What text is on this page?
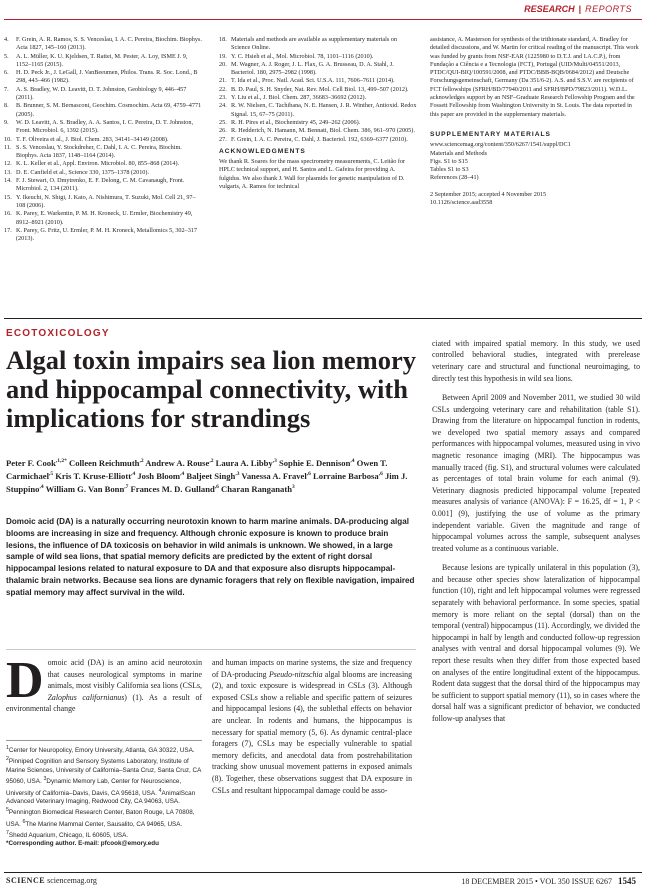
RESEARCH | REPORTS
4.	F. Grein, A. R. Ramos, S. S. Venceslau, I. A. C. Pereira, Biochim. Biophys. Acta 1827, 145–160 (2013).
5.	A. L. Müller, K. U. Kjeldsen, T. Rattei, M. Pester, A. Loy, ISME J. 9, 1152–1165 (2015).
6.	H. D. Peck Jr., J. LeGall, J. VanBeeumen, Philos. Trans. R. Soc. Lond., B 298, 443–466 (1982).
7.	A. S. Bradley, W. D. Leavitt, D. T. Johnston, Geobiology 9, 446–457 (2011).
8.	B. Brunner, S. M. Bernasconi, Geochim. Cosmochim. Acta 69, 4759–4771 (2005).
9.	W. D. Leavitt, A. S. Bradley, A. A. Santos, I. C. Pereira, D. T. Johnston, Front. Microbiol. 6, 1392 (2015).
10. T. F. Oliveira et al., J. Biol. Chem. 283, 34141–34149 (2008).
11. S. S. Venceslau, Y. Stockdreher, C. Dahl, I. A. C. Pereira, Biochim. Biophys. Acta 1837, 1148–1164 (2014).
12. K. L. Keller et al., Appl. Environ. Microbiol. 80, 855–868 (2014).
13. D. E. Canfield et al., Science 330, 1375–1378 (2010).
14. F. J. Stewart, O. Dmytrenko, E. F. Delong, C. M. Cavanaugh, Front. Microbiol. 2, 134 (2011).
15. Y. Ikeuchi, N. Shigi, J. Kato, A. Nishimura, T. Suzuki, Mol. Cell 21, 97–108 (2006).
16. K. Parey, E. Warkentin, P. M. H. Kroneck, U. Ermler, Biochemistry 49, 8912–8921 (2010).
17. K. Parey, G. Fritz, U. Ermler, P. M. H. Kroneck, Metallomics 5, 302–317 (2013).
18. Materials and methods are available as supplementary materials on Science Online.
19. Y. C. Hsieh et al., Mol. Microbiol. 78, 1101–1116 (2010).
20. M. Wagner, A. J. Roger, J. L. Flax, G. A. Brusseau, D. A. Stahl, J. Bacteriol. 180, 2975–2982 (1998).
21. T. Ida et al., Proc. Natl. Acad. Sci. U.S.A. 111, 7606–7611 (2014).
22. B. D. Paul, S. H. Snyder, Nat. Rev. Mol. Cell Biol. 13, 499–507 (2012).
23. Y. Liu et al., J. Biol. Chem. 287, 36683–36692 (2012).
24. R. W. Nielsen, C. Tachibana, N. E. Hansen, J. R. Winther, Antioxid. Redox Signal. 15, 67–75 (2011).
25. R. H. Pires et al., Biochemistry 45, 249–262 (2006).
26. R. Hedderich, N. Hamann, M. Bennati, Biol. Chem. 386, 961–970 (2005).
27. F. Grein, I. A. C. Pereira, C. Dahl, J. Bacteriol. 192, 6369–6377 (2010).
ACKNOWLEDGMENTS

We thank R. Soares for the mass spectrometry measurements, C. Leitão for HPLC technical support, and H. Santos and L. Gafeira for providing A. fulgidus. We also thank J. Wall for plasmids for genetic manipulation of D. vulgaris, A. Ramos for technical

assistance, A. Masterson for synthesis of the trithionate standard, A. Bradley for detailed discussions, and W. Martin for critical reading of the manuscript. This work was funded by grants from NSF-EAR (1225980 to D.T.J. and I.A.C.P.), from Fundação a Ciência e a Tecnologia (FCT), Portugal (UID/Multi/04551/2013, PTDC/QUI-BIQ/100591/2008, and PTDC/BBB-BQB/0684/2012) and Deutsche Forschungsgemeinschaft, Germany (Da 351/6-2). A.S. and S.S.V. are recipients of FCT fellowships (SFRH/BD/77940/2011 and SFRH/BPD/79823/2011). W.D.L. acknowledges support by an NSF–Graduate Research Fellowship Program and the Fossett Fellowship from Washington University in St. Louis. The data reported in this paper are provided in the supplementary materials.

SUPPLEMENTARY MATERIALS
www.sciencemag.org/content/350/6267/1541/suppl/DC1
Materials and Methods
Figs. S1 to S15
Tables S1 to S3
References (28–41)
2 September 2015; accepted 4 November 2015
10.1126/science.aad3558
ECOTOXICOLOGY
Algal toxin impairs sea lion memory and hippocampal connectivity, with implications for strandings
Peter F. Cook$^{,1,2*}$ Colleen Reichmuth$^{,2}$ Andrew A. Rouse$^{,2}$ Laura A. Libby$^{,3}$ Sophie E. Dennison$^{,4}$ Owen T. Carmichael$^{,5}$ Kris T. Kruse-Elliott$^{,4}$ Josh Bloom$^{,4}$ Baljeet Singh$^{,3}$ Vanessa A. Fravel$^{,6}$ Lorraine Barbosa$^{,6}$ Jim J. Stuppino$^{,4}$ William G. Van Bonn$^{,7}$ Frances M. D. Gulland$^{,6}$ Charan Ranganath$^3$

Domoic acid (DA) is a naturally occurring neurotoxin known to harm marine animals. DA-producing algal blooms are increasing in size and frequency. Although chronic exposure is known to produce brain lesions, the influence of DA toxicosis on behavior in wild animals is unknown. We showed, in a large sample of wild sea lions, that spatial memory deficits are predicted by the extent of right dorsal hippocampal lesions related to natural exposure to DA and that exposure also disrupts hippocampal-thalamic brain networks. Because sea lions are dynamic foragers that rely on flexible navigation, impaired spatial memory may affect survival in the wild.

Domoic acid (DA) is an amino acid neurotoxin that causes neurological symptoms in marine animals, most visibly California sea lions (CSLs, Zalophus californianus) (1). As a result of environmental change

$^1$Center for Neuropolicy, Emory University, Atlanta, GA 30322, USA. $^2$Pinniped Cognition and Sensory Systems Laboratory, Institute of Marine Sciences, University of California–Santa Cruz, Santa Cruz, CA 95060, USA. $^3$Dynamic Memory Lab, Center for Neuroscience, University of California–Davis, Davis, CA 95618, USA. $^4$AnimalScan Advanced Veterinary Imaging, Redwood City, CA 94063, USA. $^5$Pennington Biomedical Research Center, Baton Rouge, LA 70808, USA. $^6$The Marine Mammal Center, Sausalito, CA 94965, USA. $^7$Shedd Aquarium, Chicago, IL 60605, USA.
*Corresponding author. E-mail: pfcook@emory.edu

and human impacts on marine systems, the size and frequency of DA-producing Pseudo-nitzschia algal blooms are increasing (2), and toxic exposure is widespread in CSLs (3). Although exposed CSLs show a reliable and specific pattern of seizures and hippocampal lesions (4), the sublethal effects on behavior are unclear. In rodents and humans, the hippocampus is necessary for spatial memory (5, 6). As dynamic central-place foragers (7), CSLs may be especially vulnerable to spatial memory deficits, and anecdotal data from postrehabilitation tracking show unusual movement patterns in exposed animals (8). Together, these observations suggest that DA exposure in CSLs and resultant hippocampal damage could be asso-

ciated with impaired spatial memory. In this study, we used controlled behavioral studies, integrated with prerelease veterinary care and structural and functional neuroimaging, to directly test this hypothesis in wild sea lions.

Between April 2009 and November 2011, we studied 30 wild CSLs undergoing veterinary care and rehabilitation (table S1). Drawing from the literature on hippocampal function in rodents, we developed two spatial memory assays and compared performances with hippocampal volumes, measured using in vivo magnetic resonance imaging (MRI). The hippocampus was manually traced (fig. S1), and structural volumes were calculated as percentages of total brain volume for each animal (9). Veterinary diagnosis predicted hippocampal volume [repeated measures analysis of variance (ANOVA): F = 16.25, df = 1, P < 0.001] (9), justifying the use of volume as the primary independent variable. Given the magnitude and range of hippocampal volumes across the sample, subsequent analyses treated volume as a continuous variable.

Because lesions are typically unilateral in this population (3), and because other species show lateralization of hippocampal function (10), right and left hippocampal volumes were regressed separately with behavioral performance. In some species, spatial memory is more reliant on the septal (dorsal) than on the temporal (ventral) hippocampus (11). Accordingly, we divided the hippocampi in half by length and conducted follow-up regression analyses with ventral and dorsal hippocampal volumes (9). We report these results when they differ from those expected based on analyses of the entire longitudinal extent of the hippocampus. Rodent data suggest that the dorsal third of the hippocampus may be sufficient to support spatial memory (11), so in cases where the dorsal half was a significant predictor of behavior, we conducted follow-up analyses that

SCIENCE sciencemag.org	18 DECEMBER 2015 • VOL 350 ISSUE 6267 1545
